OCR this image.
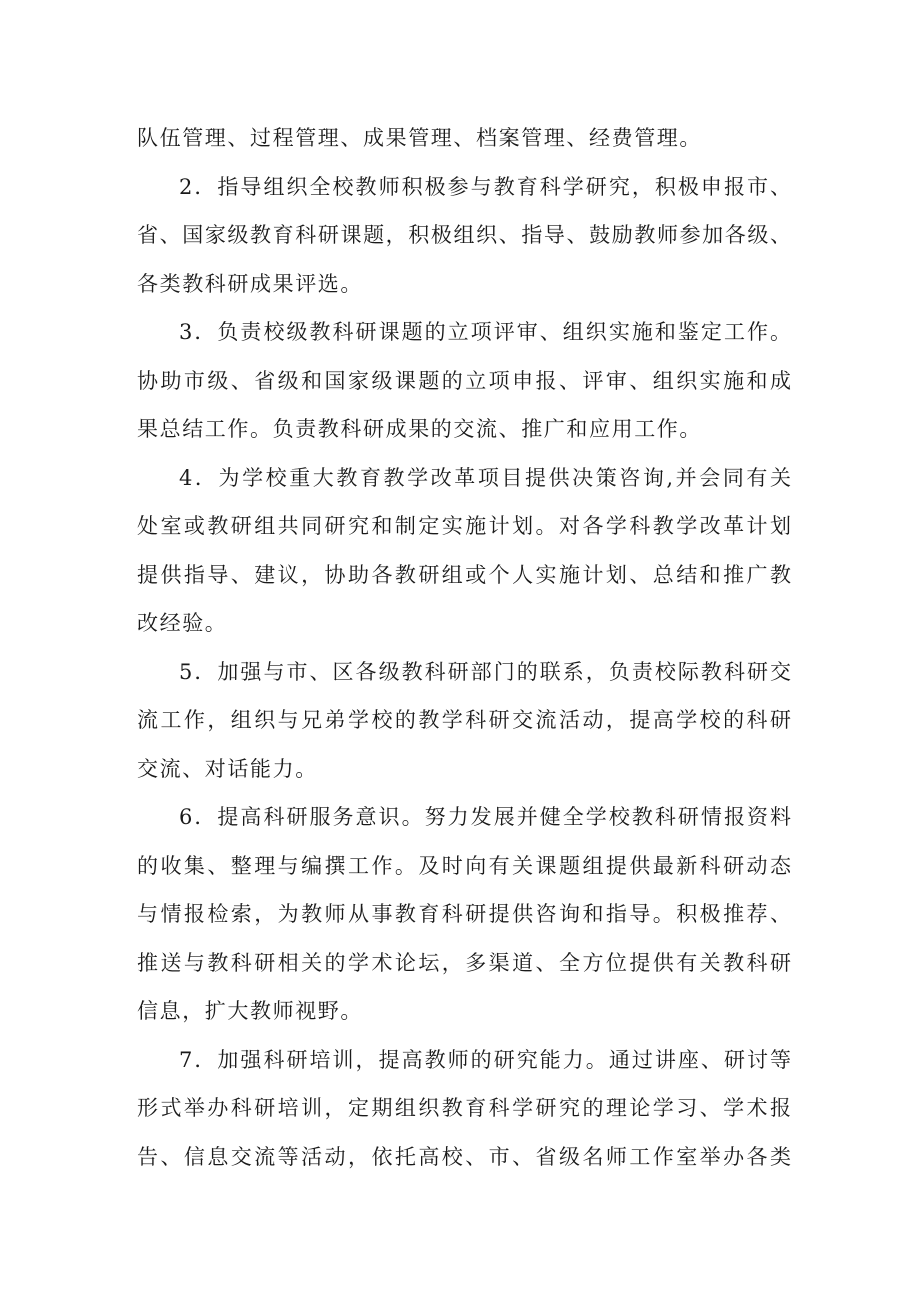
队伍管理、过程管理、成果管理、档案管理、经费管理。
2．指导组织全校教师积极参与教育科学研究，积极申报市、
省、国家级教育科研课题，积极组织、指导、鼓励教师参加各级、
各类教科研成果评选。
3．负责校级教科研课题的立项评审、组织实施和鉴定工作。
协助市级、省级和国家级课题的立项申报、评审、组织实施和成
果总结工作。负责教科研成果的交流、推广和应用工作。
4．为学校重大教育教学改革项目提供决策咨询,并会同有关
处室或教研组共同研究和制定实施计划。对各学科教学改革计划
提供指导、建议，协助各教研组或个人实施计划、总结和推广教
改经验。
5．加强与市、区各级教科研部门的联系，负责校际教科研交
流工作，组织与兄弟学校的教学科研交流活动，提高学校的科研
交流、对话能力。
6．提高科研服务意识。努力发展并健全学校教科研情报资料
的收集、整理与编撰工作。及时向有关课题组提供最新科研动态
与情报检索，为教师从事教育科研提供咨询和指导。积极推荐、
推送与教科研相关的学术论坛，多渠道、全方位提供有关教科研
信息，扩大教师视野。
7．加强科研培训，提高教师的研究能力。通过讲座、研讨等
形式举办科研培训，定期组织教育科学研究的理论学习、学术报
告、信息交流等活动，依托高校、市、省级名师工作室举办各类
